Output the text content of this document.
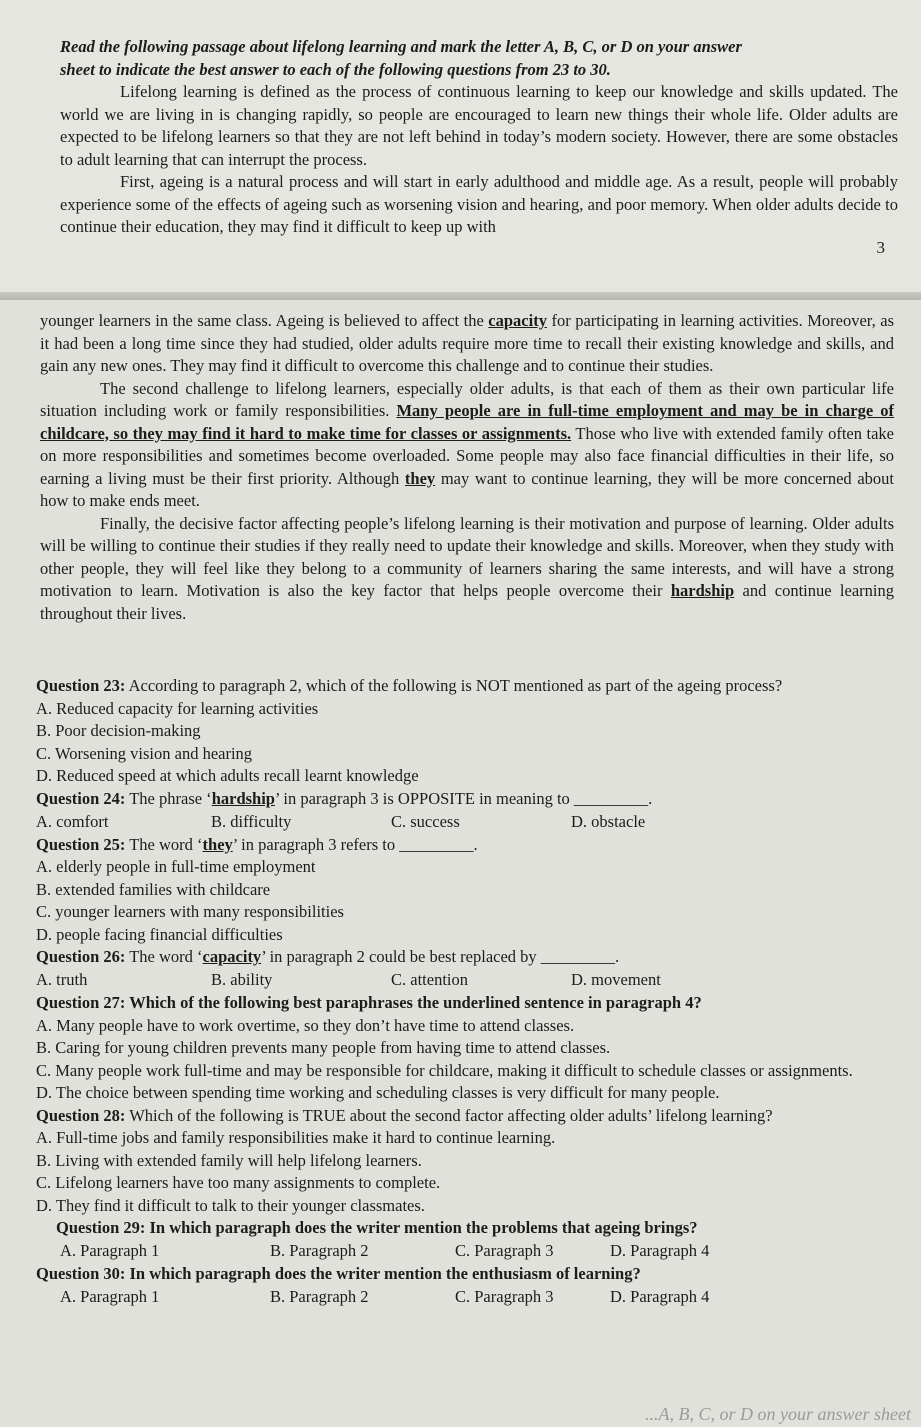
Read the following passage about lifelong learning and mark the letter A, B, C, or D on your answer

sheet to indicate the best answer to each of the following questions from 23 to 30.

Lifelong learning is defined as the process of continuous learning to keep our knowledge and skills updated. The world we are living in is changing rapidly, so people are encouraged to learn new things their whole life. Older adults are expected to be lifelong learners so that they are not left behind in today’s modern society. However, there are some obstacles to adult learning that can interrupt the process.

First, ageing is a natural process and will start in early adulthood and middle age. As a result, people will probably experience some of the effects of ageing such as worsening vision and hearing, and poor memory. When older adults decide to continue their education, they may find it difficult to keep up with

3

younger learners in the same class. Ageing is believed to affect the capacity for participating in learning activities. Moreover, as it had been a long time since they had studied, older adults require more time to recall their existing knowledge and skills, and gain any new ones. They may find it difficult to overcome this challenge and to continue their studies.

The second challenge to lifelong learners, especially older adults, is that each of them as their own particular life situation including work or family responsibilities. Many people are in full-time employment and may be in charge of childcare, so they may find it hard to make time for classes or assignments. Those who live with extended family often take on more responsibilities and sometimes become overloaded. Some people may also face financial difficulties in their life, so earning a living must be their first priority. Although they may want to continue learning, they will be more concerned about how to make ends meet.

Finally, the decisive factor affecting people’s lifelong learning is their motivation and purpose of learning. Older adults will be willing to continue their studies if they really need to update their knowledge and skills. Moreover, when they study with other people, they will feel like they belong to a community of learners sharing the same interests, and will have a strong motivation to learn. Motivation is also the key factor that helps people overcome their hardship and continue learning throughout their lives.

Question 23: According to paragraph 2, which of the following is NOT mentioned as part of the ageing process?

A. Reduced capacity for learning activities

B. Poor decision-making

C. Worsening vision and hearing

D. Reduced speed at which adults recall learnt knowledge

Question 24: The phrase ‘hardship’ in paragraph 3 is OPPOSITE in meaning to _________.

A. comfort	B. difficulty	C. success	D. obstacle

Question 25: The word ‘they’ in paragraph 3 refers to _________.

A. elderly people in full-time employment

B. extended families with childcare

C. younger learners with many responsibilities

D. people facing financial difficulties

Question 26: The word ‘capacity’ in paragraph 2 could be best replaced by _________.

A. truth	B. ability	C. attention	D. movement

Question 27: Which of the following best paraphrases the underlined sentence in paragraph 4?

A. Many people have to work overtime, so they don’t have time to attend classes.

B. Caring for young children prevents many people from having time to attend classes.

C. Many people work full-time and may be responsible for childcare, making it difficult to schedule classes or assignments.

D. The choice between spending time working and scheduling classes is very difficult for many people.

Question 28: Which of the following is TRUE about the second factor affecting older adults’ lifelong learning?

A. Full-time jobs and family responsibilities make it hard to continue learning.

B. Living with extended family will help lifelong learners.

C. Lifelong learners have too many assignments to complete.

D. They find it difficult to talk to their younger classmates.

Question 29: In which paragraph does the writer mention the problems that ageing brings?

A. Paragraph 1	B. Paragraph 2	C. Paragraph 3	D. Paragraph 4

Question 30: In which paragraph does the writer mention the enthusiasm of learning?

A. Paragraph 1	B. Paragraph 2	C. Paragraph 3	D. Paragraph 4
...A, B, C, or D on your answer sheet
